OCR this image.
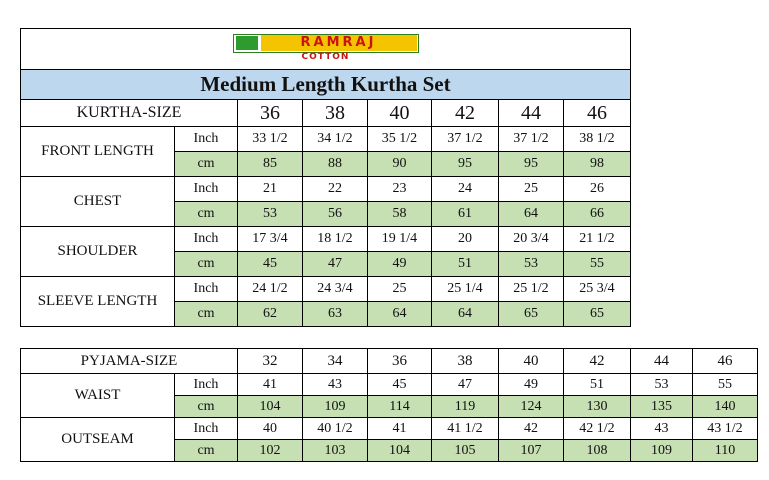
RAMRAJ
COTTON							

Medium Length Kurtha Set							
KURTHA-SIZE		36	38	40	42	44	46
FRONT LENGTH	Inch	33 1/2	34 1/2	35 1/2	37 1/2	37 1/2	38 1/2
	cm	85	88	90	95	95	98
CHEST	Inch	21	22	23	24	25	26
	cm	53	56	58	61	64	66
SHOULDER	Inch	17 3/4	18 1/2	19 1/4	20	20 3/4	21 1/2
	cm	45	47	49	51	53	55
SLEEVE LENGTH	Inch	24 1/2	24 3/4	25	25 1/4	25 1/2	25 3/4
	cm	62	63	64	64	65	65
PYJAMA-SIZE		32	34	36	38	40	42	44	46
WAIST	Inch	41	43	45	47	49	51	53	55
	cm	104	109	114	119	124	130	135	140
OUTSEAM	Inch	40	40 1/2	41	41 1/2	42	42 1/2	43	43 1/2
	cm	102	103	104	105	107	108	109	110
